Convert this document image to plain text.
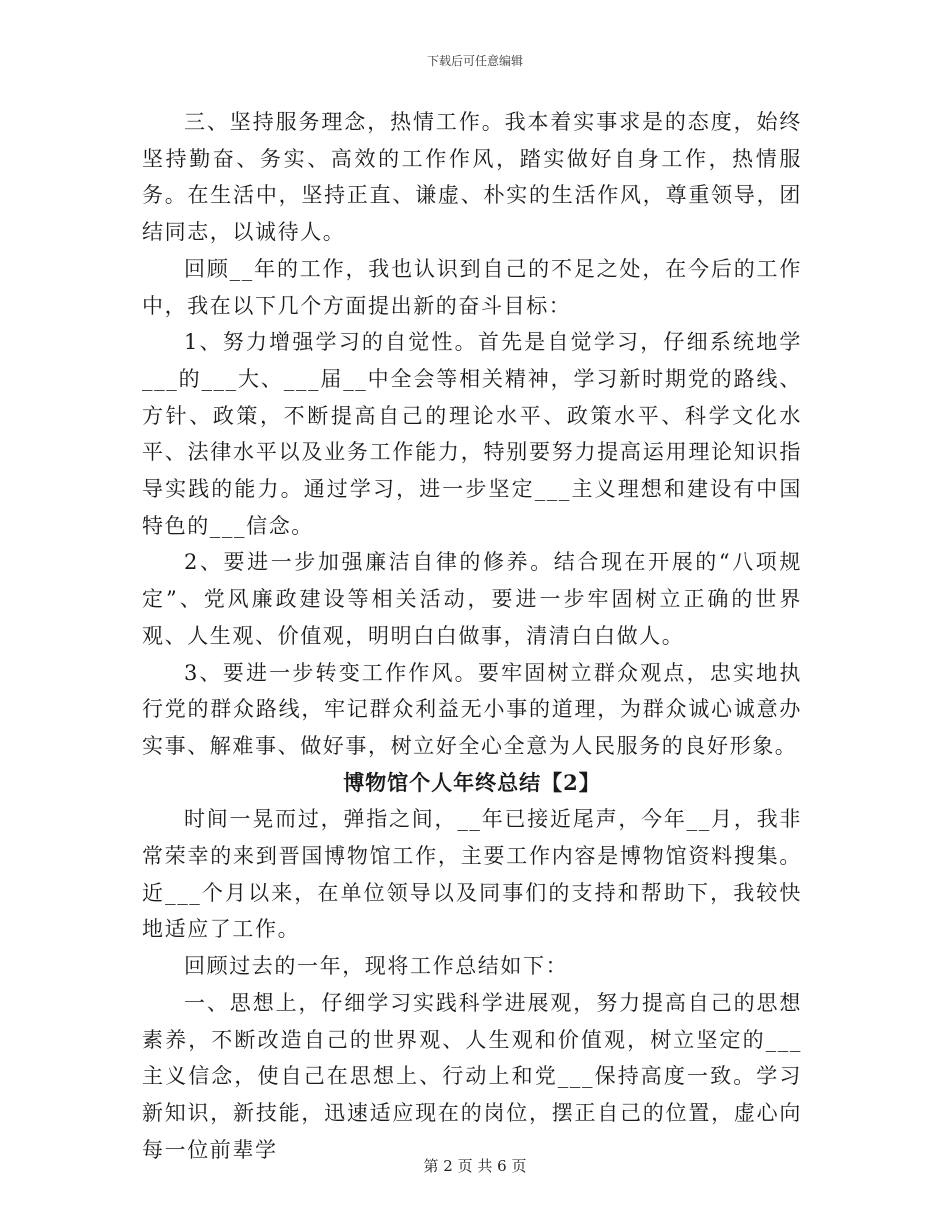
下载后可任意编辑

三、坚持服务理念，热情工作。我本着实事求是的态度，始终坚持勤奋、务实、高效的工作作风，踏实做好自身工作，热情服务。在生活中，坚持正直、谦虚、朴实的生活作风，尊重领导，团结同志，以诚待人。

回顾__年的工作，我也认识到自己的不足之处，在今后的工作中，我在以下几个方面提出新的奋斗目标：

1、努力增强学习的自觉性。首先是自觉学习，仔细系统地学___的___大、___届__中全会等相关精神，学习新时期党的路线、方针、政策，不断提高自己的理论水平、政策水平、科学文化水平、法律水平以及业务工作能力，特别要努力提高运用理论知识指导实践的能力。通过学习，进一步坚定___主义理想和建设有中国特色的___信念。

2、要进一步加强廉洁自律的修养。结合现在开展的“八项规定”、党风廉政建设等相关活动，要进一步牢固树立正确的世界观、人生观、价值观，明明白白做事，清清白白做人。

3、要进一步转变工作作风。要牢固树立群众观点，忠实地执行党的群众路线，牢记群众利益无小事的道理，为群众诚心诚意办实事、解难事、做好事，树立好全心全意为人民服务的良好形象。

博物馆个人年终总结【2】

时间一晃而过，弹指之间，__年已接近尾声，今年__月，我非常荣幸的来到晋国博物馆工作，主要工作内容是博物馆资料搜集。近___个月以来，在单位领导以及同事们的支持和帮助下，我较快地适应了工作。

回顾过去的一年，现将工作总结如下：

一、思想上，仔细学习实践科学进展观，努力提高自己的思想素养，不断改造自己的世界观、人生观和价值观，树立坚定的___主义信念，使自己在思想上、行动上和党___保持高度一致。学习新知识，新技能，迅速适应现在的岗位，摆正自己的位置，虚心向每一位前辈学

第 2 页 共 6 页
